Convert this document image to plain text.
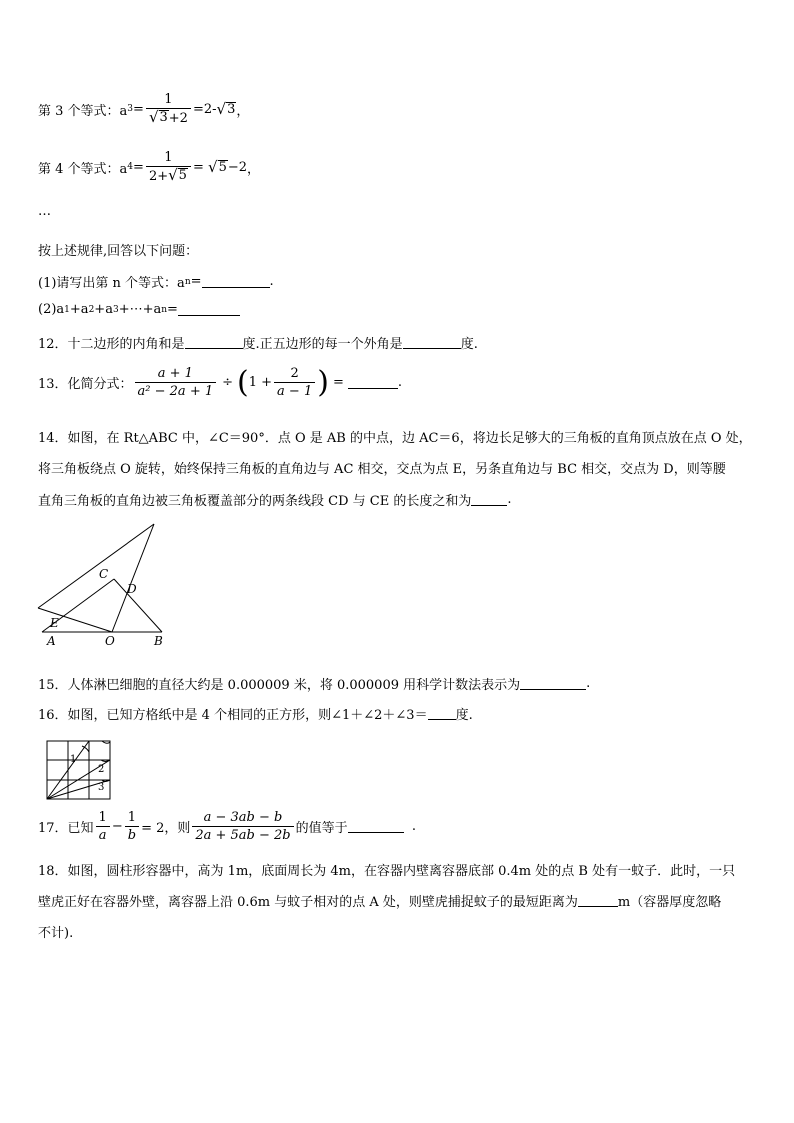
第 3 个等式：a $3 = \frac{1}{√ 3 +2} =2-$ √ 3 ，
第 4 个等式：a $4 = \frac{1}{2+ √ 5}$ =
√ 5 −2 ，
…
按上述规律,回答以下问题：
(1)请写出第 n 个等式：a n =	.
(2)a 1 +a 2 +a 3 +⋯+a n =
12．十二边形的内角和是	度.正五边形的每一个外角是	度.
13．化简分式： $\frac{a + 1}{\text{a² − 2a + 1}}$ ÷ ( $1 + \frac{2}{a - 1}$ ) =	.
14．如图，在 Rt△ABC 中，∠C＝90°．点 O 是 AB 的中点，边 AC＝6，将边长足够大的三角板的直角顶点放在点 O 处，
将三角板绕点 O 旋转，始终保持三角板的直角边与 AC 相交，交点为点 E，另条直角边与 BC 相交，交点为 D，则等腰
直角三角板的直角边被三角板覆盖部分的两条线段 CD 与 CE 的长度之和为	.
C
D
E
A	O	B
15．人体淋巴细胞的直径大约是 0.000009 米，将 0.000009 用科学计数法表示为	.
16．如图，已知方格纸中是 4 个相同的正方形，则∠1＋∠2＋∠3＝ 度.
1
2
3
17．已知 $\frac{1}{a} - \frac{1}{b} = 2$，则 $\frac{a - 3ab - b}{2a + 5ab - 2b}$ 的值等于
	.
18．如图，圆柱形容器中，高为 1m，底面周长为 4m，在容器内壁离容器底部 0.4m 处的点 B 处有一蚊子．此时，一只
壁虎正好在容器外壁，离容器上沿 0.6m 与蚊子相对的点 A 处，则壁虎捕捉蚊子的最短距离为	m（容器厚度忽略
不计).
